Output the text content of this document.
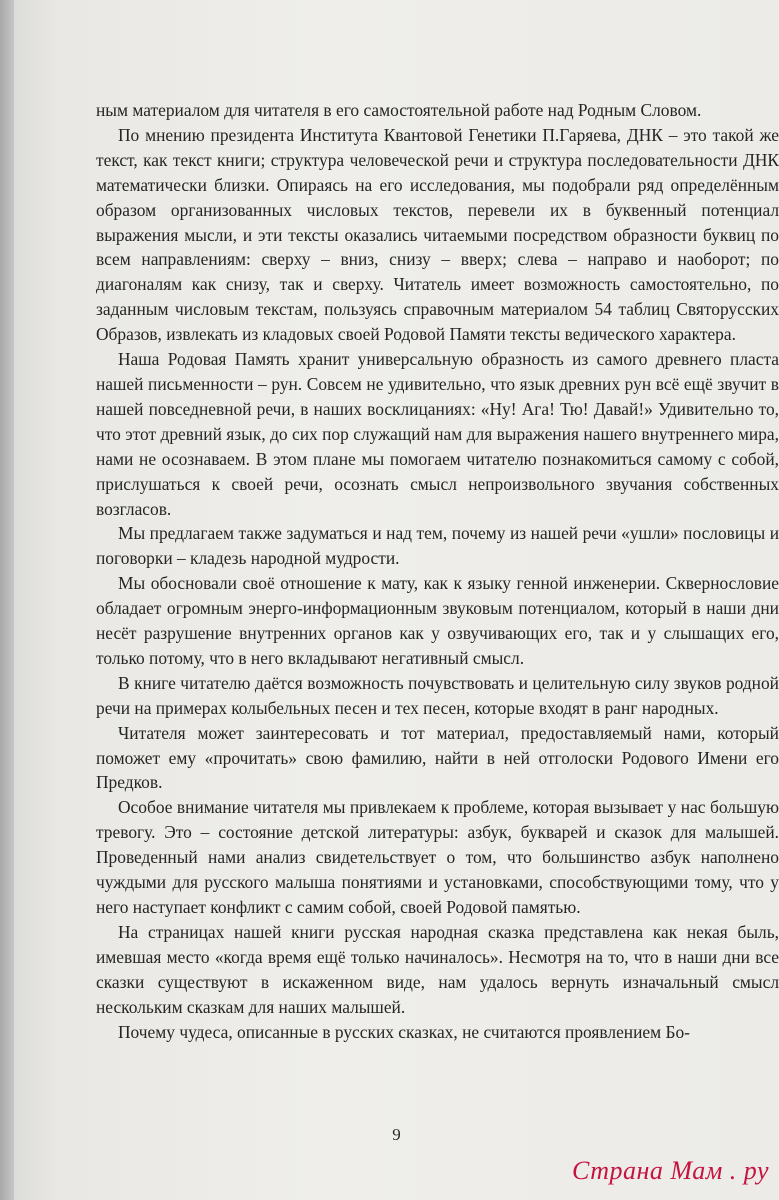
ным материалом для читателя в его самостоятельной работе над Родным Словом.

По мнению президента Института Квантовой Генетики П.Гаряева, ДНК – это такой же текст, как текст книги; структура человеческой речи и структура последовательности ДНК математически близки. Опираясь на его исследования, мы подобрали ряд определённым образом организованных числовых текстов, перевели их в буквенный потенциал выражения мысли, и эти тексты оказались читаемыми посредством образности буквиц по всем направлениям: сверху – вниз, снизу – вверх; слева – направо и наоборот; по диагоналям как снизу, так и сверху. Читатель имеет возможность самостоятельно, по заданным числовым текстам, пользуясь справочным материалом 54 таблиц Святорусских Образов, извлекать из кладовых своей Родовой Памяти тексты ведического характера.

Наша Родовая Память хранит универсальную образность из самого древнего пласта нашей письменности – рун. Совсем не удивительно, что язык древних рун всё ещё звучит в нашей повседневной речи, в наших восклицаниях: «Ну! Ага! Тю! Давай!» Удивительно то, что этот древний язык, до сих пор служащий нам для выражения нашего внутреннего мира, нами не осознаваем. В этом плане мы помогаем читателю познакомиться самому с собой, прислушаться к своей речи, осознать смысл непроизвольного звучания собственных возгласов.

Мы предлагаем также задуматься и над тем, почему из нашей речи «ушли» пословицы и поговорки – кладезь народной мудрости.

Мы обосновали своё отношение к мату, как к языку генной инженерии. Сквернословие обладает огромным энерго-информационным звуковым потенциалом, который в наши дни несёт разрушение внутренних органов как у озвучивающих его, так и у слышащих его, только потому, что в него вкладывают негативный смысл.

В книге читателю даётся возможность почувствовать и целительную силу звуков родной речи на примерах колыбельных песен и тех песен, которые входят в ранг народных.

Читателя может заинтересовать и тот материал, предоставляемый нами, который поможет ему «прочитать» свою фамилию, найти в ней отголоски Родового Имени его Предков.

Особое внимание читателя мы привлекаем к проблеме, которая вызывает у нас большую тревогу. Это – состояние детской литературы: азбук, букварей и сказок для малышей. Проведенный нами анализ свидетельствует о том, что большинство азбук наполнено чуждыми для русского малыша понятиями и установками, способствующими тому, что у него наступает конфликт с самим собой, своей Родовой памятью.

На страницах нашей книги русская народная сказка представлена как некая быль, имевшая место «когда время ещё только начиналось». Несмотря на то, что в наши дни все сказки существуют в искаженном виде, нам удалось вернуть изначальный смысл нескольким сказкам для наших малышей.

Почему чудеса, описанные в русских сказках, не считаются проявлением Бо-

9
Страна Мам . ру
